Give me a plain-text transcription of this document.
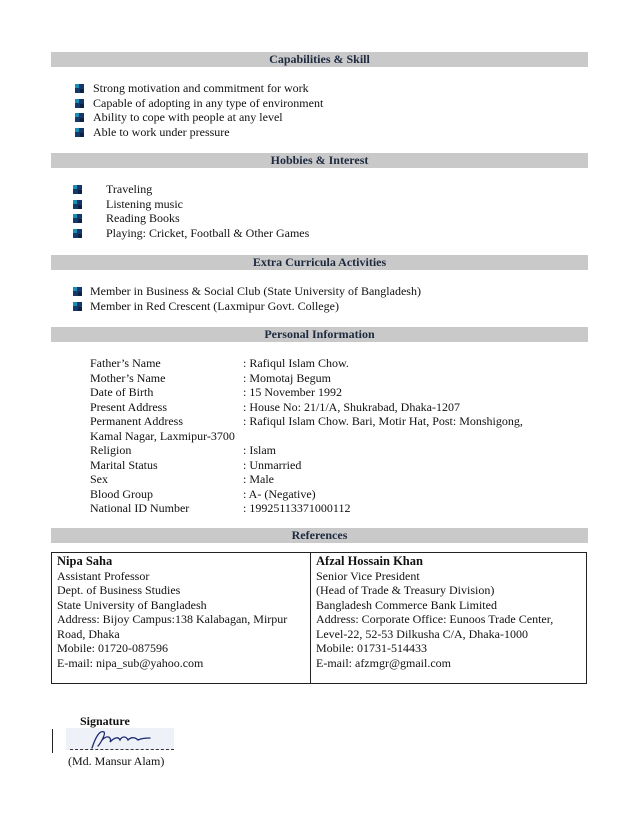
Capabilities & Skill
Strong motivation and commitment for work
Capable of adopting in any type of environment
Ability to cope with people at any level
Able to work under pressure
Hobbies & Interest
Traveling
Listening music
Reading Books
Playing: Cricket, Football & Other Games
Extra Curricula Activities
Member in Business & Social Club (State University of Bangladesh)
Member in Red Crescent (Laxmipur Govt. College)
Personal Information
Father’s Name	: Rafiqul Islam Chow.
Mother’s Name	: Momotaj Begum
Date of Birth	: 15 November 1992
Present Address	: House No: 21/1/A, Shukrabad, Dhaka-1207
Permanent Address	: Rafiqul Islam Chow. Bari, Motir Hat, Post: Monshigong,
Kamal Nagar, Laxmipur-3700
Religion	: Islam
Marital Status	: Unmarried
Sex	: Male
Blood Group	: A- (Negative)
National ID Number	: 19925113371000112
References
Nipa Saha
Assistant Professor
Dept. of Business Studies
State University of Bangladesh
Address: Bijoy Campus:138 Kalabagan, Mirpur
Road, Dhaka
Mobile: 01720-087596
E-mail: nipa_sub@yahoo.com
Afzal Hossain Khan
Senior Vice President
(Head of Trade & Treasury Division)
Bangladesh Commerce Bank Limited
Address: Corporate Office: Eunoos Trade Center,
Level-22, 52-53 Dilkusha C/A, Dhaka-1000
Mobile: 01731-514433
E-mail: afzmgr@gmail.com
Signature
(Md. Mansur Alam)
